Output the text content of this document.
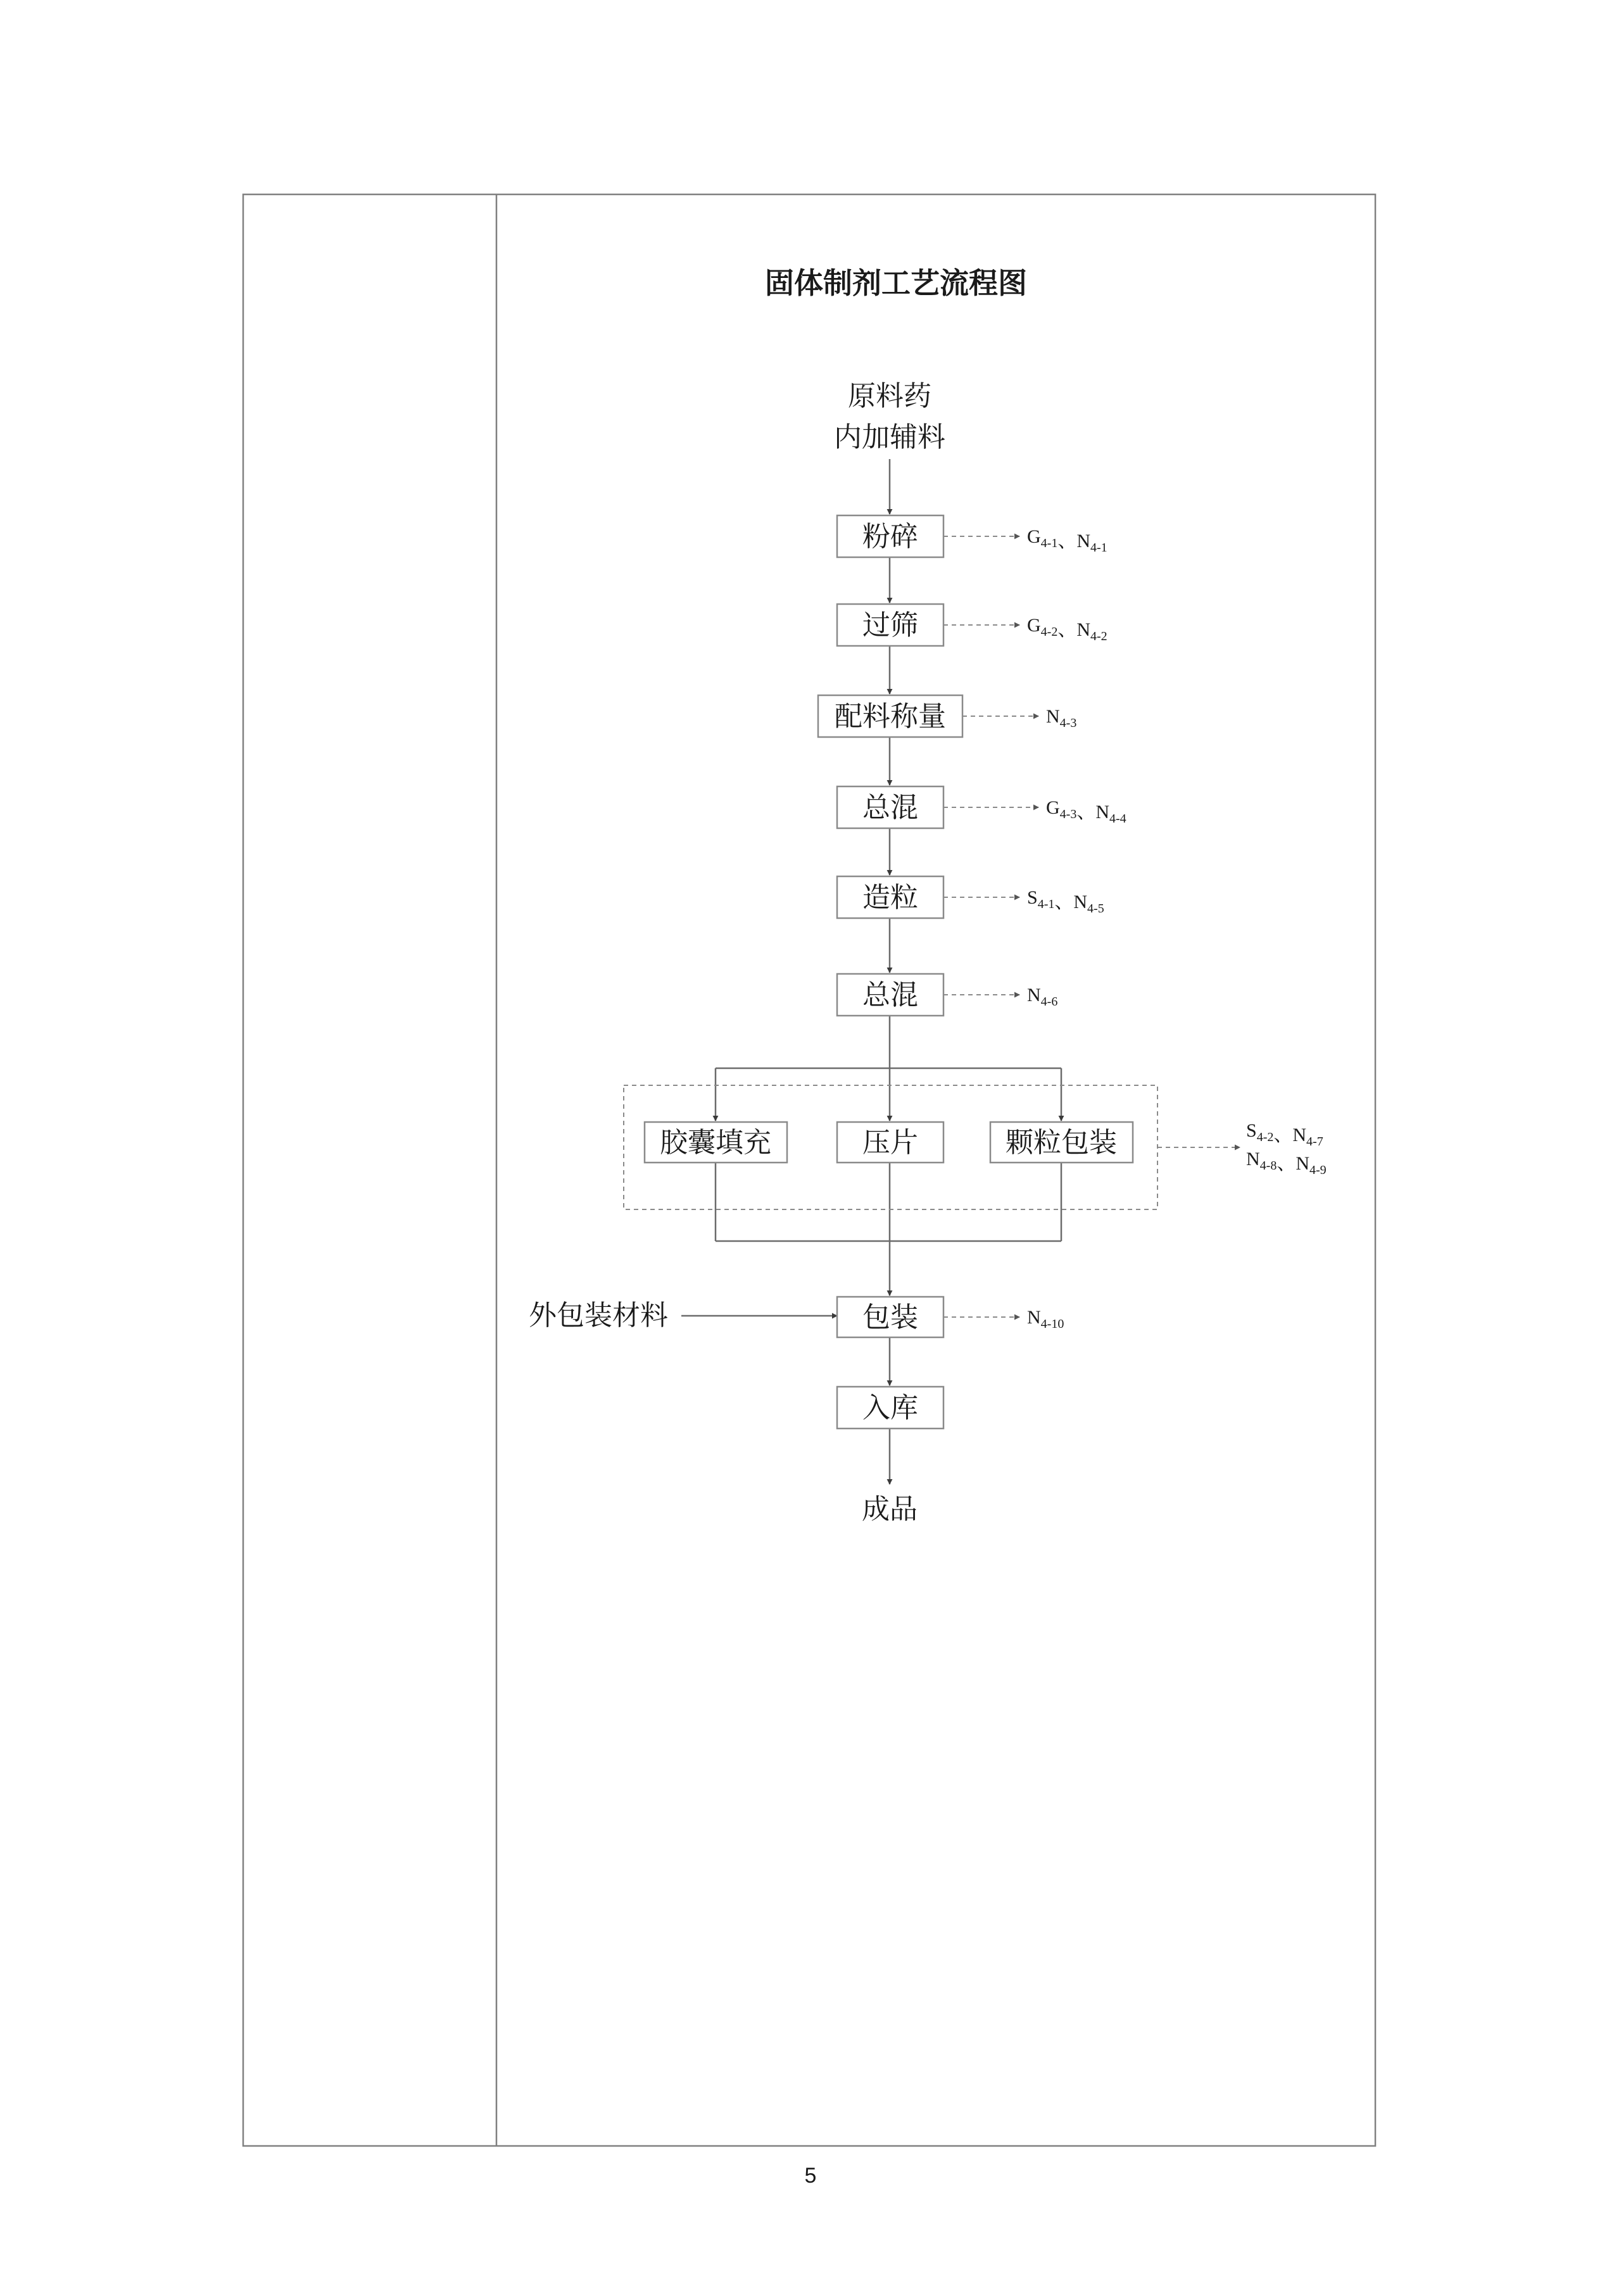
固体制剂工艺流程图
原料药
内加辅料
外包装材料
粉碎
过筛
配料称量
总混
造粒
总混
胶囊填充	压片	颗粒包装
包装
入库
成品
$G_{4-1}$、$N_{4-1}$
$G_{4-2}$、$N_{4-2}$
$N_{4-3}$
$G_{4-3}$、$N_{4-4}$
$S_{4-1}$、$N_{4-5}$
$N_{4-6}$
$S_{4-2}$、$N_{4-7}$
$N_{4-8}$、$N_{4-9}$
$N_{4-10}$
5
